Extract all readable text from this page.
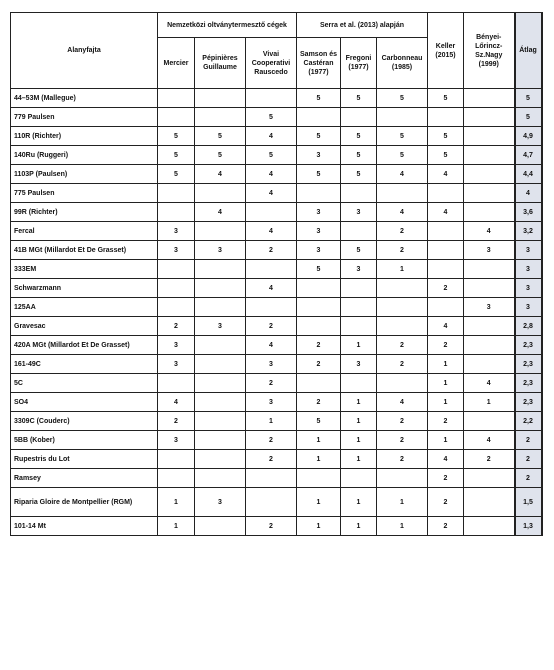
Alanyfajta	Nemzetközi oltványtermesztő cégek			Serra et al. (2013) alapján			Keller (2015)	Bényei-Lőrincz-Sz.Nagy (1999)	Átlag
	Mercier	Pépinières Guillaume	Vivai Cooperativi Rauscedo	Samson és Castéran (1977)	Fregoni (1977)	Carbonneau (1985)			
44–53M (Mallegue)				5	5	5	5		5
779 Paulsen			5						5
110R (Richter)	5	5	4	5	5	5	5		4,9
140Ru (Ruggeri)	5	5	5	3	5	5	5		4,7
1103P (Paulsen)	5	4	4	5	5	4	4		4,4
775 Paulsen			4						4
99R (Richter)		4		3	3	4	4		3,6
Fercal	3		4	3		2		4	3,2
41B MGt (Millardot Et De Grasset)	3	3	2	3	5	2		3	3
333EM				5	3	1			3
Schwarzmann			4				2		3
125AA								3	3
Gravesac	2	3	2				4		2,8
420A MGt (Millardot Et De Grasset)	3		4	2	1	2	2		2,3
161-49C	3		3	2	3	2	1		2,3
5C			2				1	4	2,3
SO4	4		3	2	1	4	1	1	2,3
3309C (Couderc)	2		1	5	1	2	2		2,2
5BB (Kober)	3		2	1	1	2	1	4	2
Rupestris du Lot			2	1	1	2	4	2	2
Ramsey							2		2
Riparia Gloire de Montpellier (RGM)	1	3		1	1	1	2		1,5
101-14 Mt	1		2	1	1	1	2		1,3
